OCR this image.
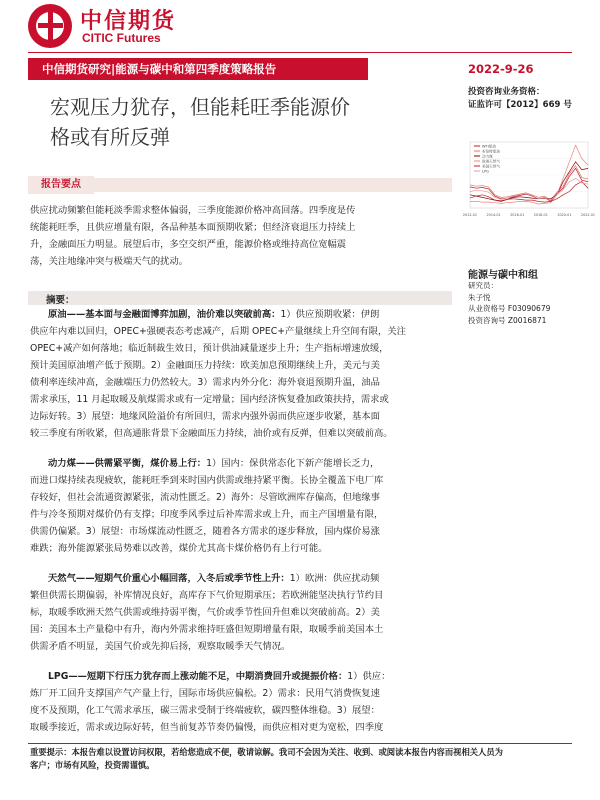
中信期货
CITIC Futures
中信期货研究|能源与碳中和第四季度策略报告	2022-9-26
宏观压力犹存，但能耗旺季能源价
格或有所反弹
投资咨询业务资格：
证监许可【2012】669 号
WTI原油
布伦特原油
动力煤
欧洲天然气
美国天然气
LPG
2012-01	2014-01	2016-01	2018-01	2020-01	2022-01
能源与碳中和组
研究员：
朱子悦
从业资格号 F03090679
投资咨询号 Z0016871
报告要点
供应扰动频繁但能耗淡季需求整体偏弱，三季度能源价格冲高回落。四季度是传
统能耗旺季，且供应增量有限，各品种基本面预期收紧；但经济衰退压力持续上
升，金融面压力明显。展望后市，多空交织严重，能源价格或维持高位宽幅震
荡，关注地缘冲突与极端天气的扰动。
摘要：
原油——基本面与金融面博弈加剧，油价难以突破前高：1）供应预期收紧：伊朗
供应年内难以回归，OPEC+强硬表态考虑减产，后期 OPEC+产量继续上升空间有限，关注
OPEC+减产如何落地；临近制裁生效日，预计供油减量逐步上升；生产指标增速放缓，
预计美国原油增产低于预期。2）金融面压力持续：欧美加息预期继续上升，美元与美
债利率连续冲高，金融端压力仍然较大。3）需求内外分化：海外衰退预期升温，油品
需求承压，11 月起取暖及航煤需求或有一定增量；国内经济恢复叠加政策扶持，需求或
边际好转。3）展望：地缘风险溢价有所回归，需求内强外弱而供应逐步收紧，基本面
较三季度有所收紧，但高通胀背景下金融面压力持续，油价或有反弹，但难以突破前高。
动力煤——供需紧平衡，煤价易上行：1）国内：保供常态化下新产能增长乏力，
而进口煤持续表现疲软，能耗旺季到来时国内供需或维持紧平衡。长协全覆盖下电厂库
存较好，但社会流通资源紧张，流动性匮乏。2）海外：尽管欧洲库存偏高，但地缘事
件与冷冬预期对煤价仍有支撑；印度季风季过后补库需求或上升，而主产国增量有限，
供需仍偏紧。3）展望：市场煤流动性匮乏，随着各方需求的逐步释放，国内煤价易涨
难跌；海外能源紧张局势难以改善，煤价尤其高卡煤价格仍有上行可能。
天然气——短期气价重心小幅回落，入冬后或季节性上升：1）欧洲：供应扰动频
繁但供需长期偏弱，补库情况良好，高库存下气价短期承压；若欧洲能坚决执行节约目
标，取暖季欧洲天然气供需或维持弱平衡，气价或季节性回升但难以突破前高。2）美
国：美国本土产量稳中有升，海内外需求维持旺盛但短期增量有限，取暖季前美国本土
供需矛盾不明显，美国气价或先抑后扬，观察取暖季天气情况。
LPG——短期下行压力犹存而上涨动能不足，中期消费回升或提振价格：1）供应：
炼厂开工回升支撑国产气产量上行，国际市场供应偏松。2）需求：民用气消费恢复速
度不及预期，化工气需求承压，碳三需求受制于终端疲软，碳四整体维稳。3）展望：
取暖季接近，需求或边际好转，但当前复苏节奏仍偏慢，而供应相对更为宽松，四季度
重要提示：本报告难以设置访问权限，若给您造成不便，敬请谅解。我司不会因为关注、收到、或阅读本报告内容而视相关人员为
客户；市场有风险，投资需谨慎。
